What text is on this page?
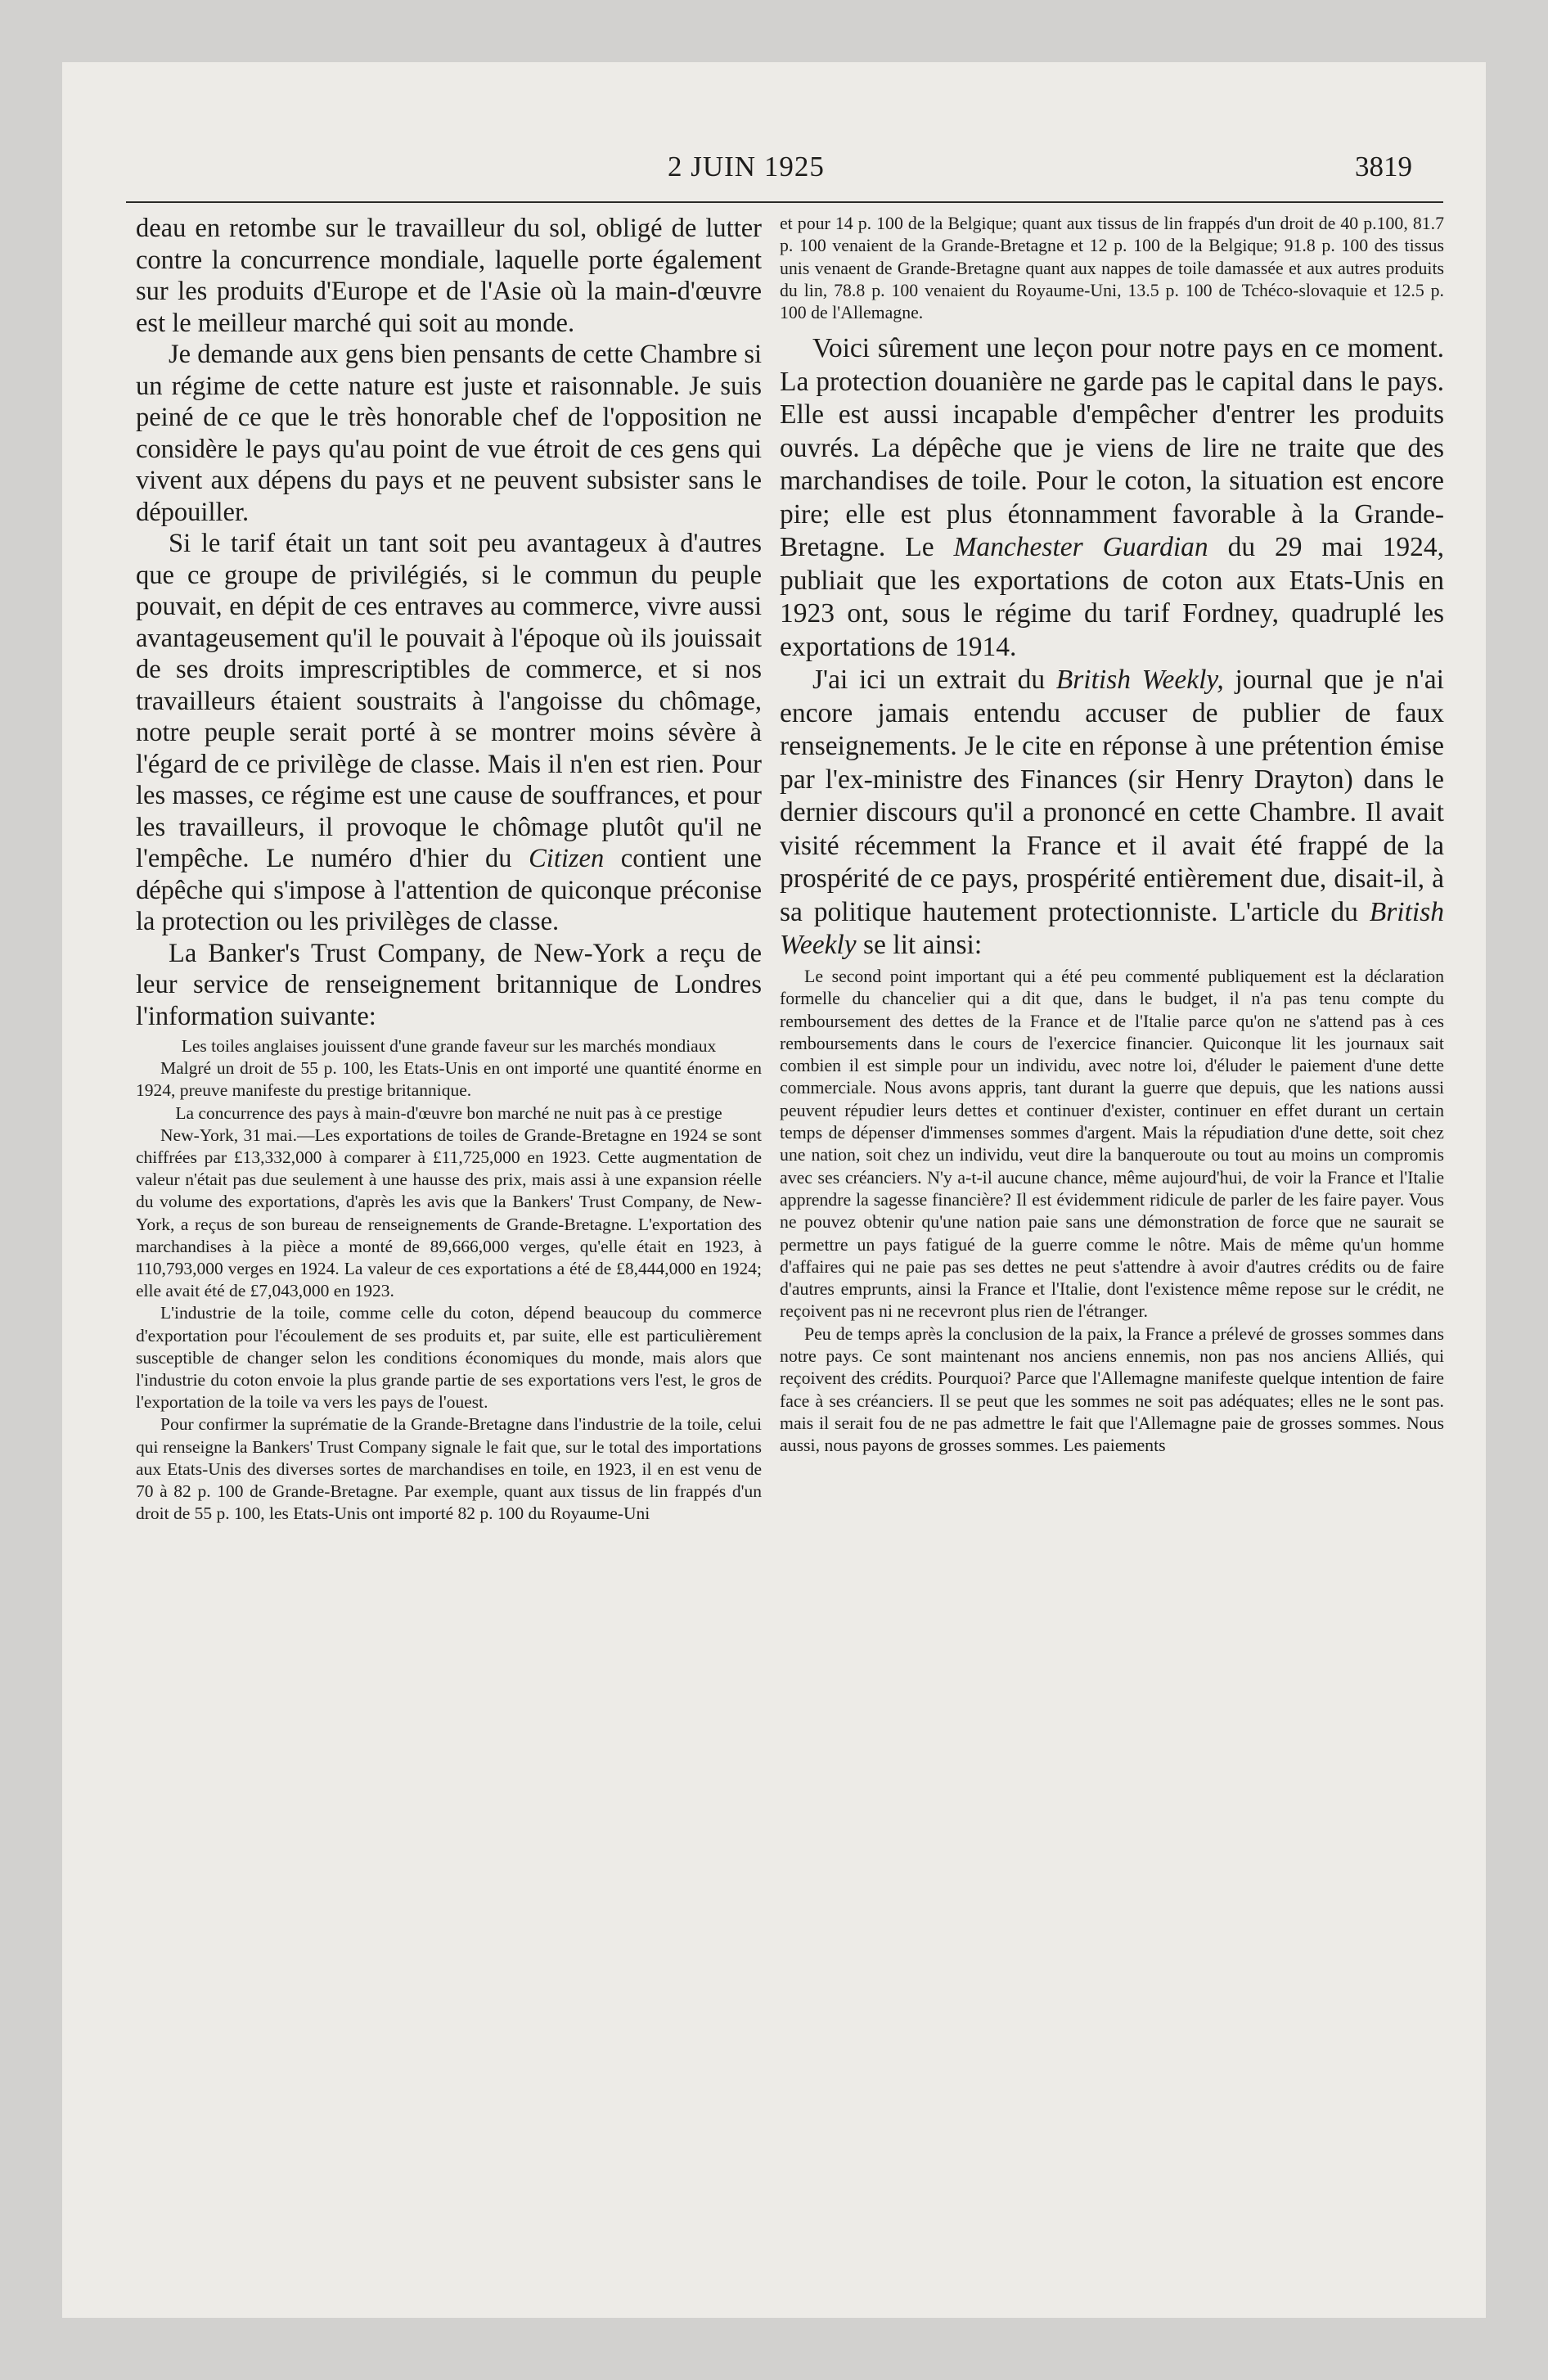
2 JUIN 1925	3819

deau en retombe sur le travailleur du sol, obligé de lutter contre la concurrence mondiale, laquelle porte également sur les produits d'Europe et de l'Asie où la main-d'œuvre est le meilleur marché qui soit au monde.

Je demande aux gens bien pensants de cette Chambre si un régime de cette nature est juste et raisonnable. Je suis peiné de ce que le très honorable chef de l'opposition ne considère le pays qu'au point de vue étroit de ces gens qui vivent aux dépens du pays et ne peuvent subsister sans le dépouiller.

Si le tarif était un tant soit peu avantageux à d'autres que ce groupe de privilégiés, si le commun du peuple pouvait, en dépit de ces entraves au commerce, vivre aussi avantageusement qu'il le pouvait à l'époque où ils jouissait de ses droits imprescriptibles de commerce, et si nos travailleurs étaient soustraits à l'angoisse du chômage, notre peuple serait porté à se montrer moins sévère à l'égard de ce privilège de classe. Mais il n'en est rien. Pour les masses, ce régime est une cause de souffrances, et pour les travailleurs, il provoque le chômage plutôt qu'il ne l'empêche. Le numéro d'hier du Citizen contient une dépêche qui s'impose à l'attention de quiconque préconise la protection ou les privilèges de classe.

La Banker's Trust Company, de New-York a reçu de leur service de renseignement britannique de Londres l'information suivante:

Les toiles anglaises jouissent d'une grande faveur sur les marchés mondiaux

Malgré un droit de 55 p. 100, les Etats-Unis en ont importé une quantité énorme en 1924, preuve manifeste du prestige britannique.

La concurrence des pays à main-d'œuvre bon marché ne nuit pas à ce prestige

New-York, 31 mai.—Les exportations de toiles de Grande-Bretagne en 1924 se sont chiffrées par £13,332,000 à comparer à £11,725,000 en 1923. Cette augmentation de valeur n'était pas due seulement à une hausse des prix, mais assi à une expansion réelle du volume des exportations, d'après les avis que la Bankers' Trust Company, de New-York, a reçus de son bureau de renseignements de Grande-Bretagne. L'exportation des marchandises à la pièce a monté de 89,666,000 verges, qu'elle était en 1923, à 110,793,000 verges en 1924. La valeur de ces exportations a été de £8,444,000 en 1924; elle avait été de £7,043,000 en 1923.

L'industrie de la toile, comme celle du coton, dépend beaucoup du commerce d'exportation pour l'écoulement de ses produits et, par suite, elle est particulièrement susceptible de changer selon les conditions économiques du monde, mais alors que l'industrie du coton envoie la plus grande partie de ses exportations vers l'est, le gros de l'exportation de la toile va vers les pays de l'ouest.

Pour confirmer la suprématie de la Grande-Bretagne dans l'industrie de la toile, celui qui renseigne la Bankers' Trust Company signale le fait que, sur le total des importations aux Etats-Unis des diverses sortes de marchandises en toile, en 1923, il en est venu de 70 à 82 p. 100 de Grande-Bretagne. Par exemple, quant aux tissus de lin frappés d'un droit de 55 p. 100, les Etats-Unis ont importé 82 p. 100 du Royaume-Uni

et pour 14 p. 100 de la Belgique; quant aux tissus de lin frappés d'un droit de 40 p.100, 81.7 p. 100 venaient de la Grande-Bretagne et 12 p. 100 de la Belgique; 91.8 p. 100 des tissus unis venaent de Grande-Bretagne quant aux nappes de toile damassée et aux autres produits du lin, 78.8 p. 100 venaient du Royaume-Uni, 13.5 p. 100 de Tchéco-slovaquie et 12.5 p. 100 de l'Allemagne.

Voici sûrement une leçon pour notre pays en ce moment. La protection douanière ne garde pas le capital dans le pays. Elle est aussi incapable d'empêcher d'entrer les produits ouvrés. La dépêche que je viens de lire ne traite que des marchandises de toile. Pour le coton, la situation est encore pire; elle est plus étonnamment favorable à la Grande-Bretagne. Le Manchester Guardian du 29 mai 1924, publiait que les exportations de coton aux Etats-Unis en 1923 ont, sous le régime du tarif Fordney, quadruplé les exportations de 1914.

J'ai ici un extrait du British Weekly, journal que je n'ai encore jamais entendu accuser de publier de faux renseignements. Je le cite en réponse à une prétention émise par l'ex-ministre des Finances (sir Henry Drayton) dans le dernier discours qu'il a prononcé en cette Chambre. Il avait visité récemment la France et il avait été frappé de la prospérité de ce pays, prospérité entièrement due, disait-il, à sa politique hautement protectionniste. L'article du British Weekly se lit ainsi:

Le second point important qui a été peu commenté publiquement est la déclaration formelle du chancelier qui a dit que, dans le budget, il n'a pas tenu compte du remboursement des dettes de la France et de l'Italie parce qu'on ne s'attend pas à ces remboursements dans le cours de l'exercice financier. Quiconque lit les journaux sait combien il est simple pour un individu, avec notre loi, d'éluder le paiement d'une dette commerciale. Nous avons appris, tant durant la guerre que depuis, que les nations aussi peuvent répudier leurs dettes et continuer d'exister, continuer en effet durant un certain temps de dépenser d'immenses sommes d'argent. Mais la répudiation d'une dette, soit chez une nation, soit chez un individu, veut dire la banqueroute ou tout au moins un compromis avec ses créanciers. N'y a-t-il aucune chance, même aujourd'hui, de voir la France et l'Italie apprendre la sagesse financière? Il est évidemment ridicule de parler de les faire payer. Vous ne pouvez obtenir qu'une nation paie sans une démonstration de force que ne saurait se permettre un pays fatigué de la guerre comme le nôtre. Mais de même qu'un homme d'affaires qui ne paie pas ses dettes ne peut s'attendre à avoir d'autres crédits ou de faire d'autres emprunts, ainsi la France et l'Italie, dont l'existence même repose sur le crédit, ne reçoivent pas ni ne recevront plus rien de l'étranger.

Peu de temps après la conclusion de la paix, la France a prélevé de grosses sommes dans notre pays. Ce sont maintenant nos anciens ennemis, non pas nos anciens Alliés, qui reçoivent des crédits. Pourquoi? Parce que l'Allemagne manifeste quelque intention de faire face à ses créanciers. Il se peut que les sommes ne soit pas adéquates; elles ne le sont pas. mais il serait fou de ne pas admettre le fait que l'Allemagne paie de grosses sommes. Nous aussi, nous payons de grosses sommes. Les paiements
